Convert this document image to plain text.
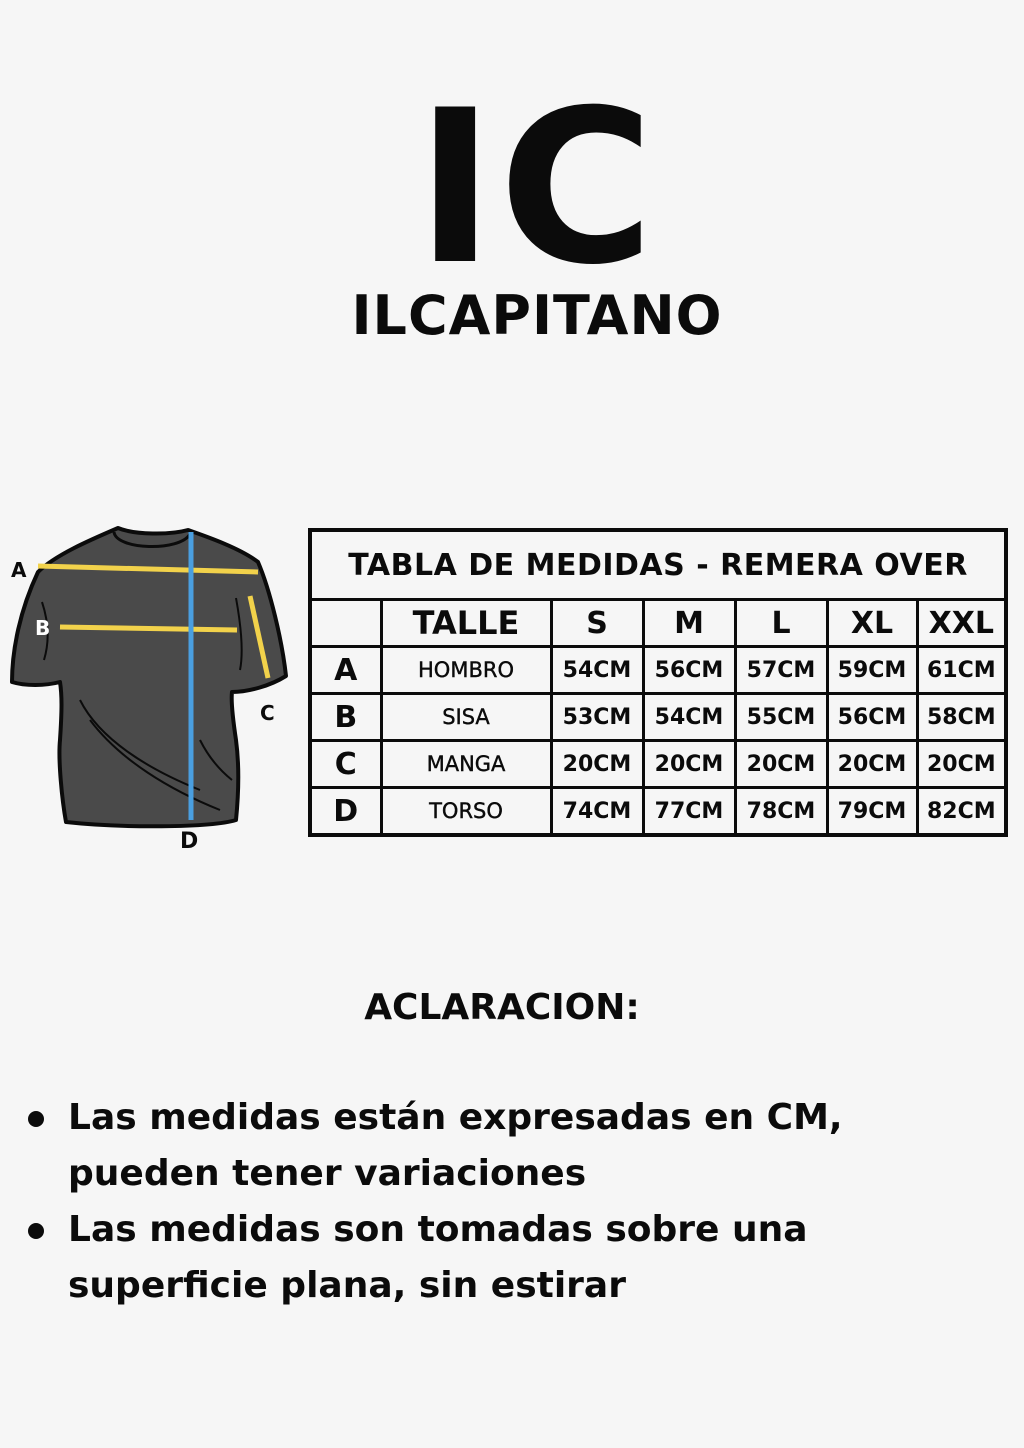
IC
ILCAPITANO
A
B
C
D
TABLA DE MEDIDAS - REMERA OVER						
	TALLE	S	M	L	XL	XXL
A	HOMBRO	54CM	56CM	57CM	59CM	61CM
B	SISA	53CM	54CM	55CM	56CM	58CM
C	MANGA	20CM	20CM	20CM	20CM	20CM
D	TORSO	74CM	77CM	78CM	79CM	82CM
ACLARACION:
Las medidas están expresadas en CM, pueden tener variaciones
Las medidas son tomadas sobre una superficie plana, sin estirar
